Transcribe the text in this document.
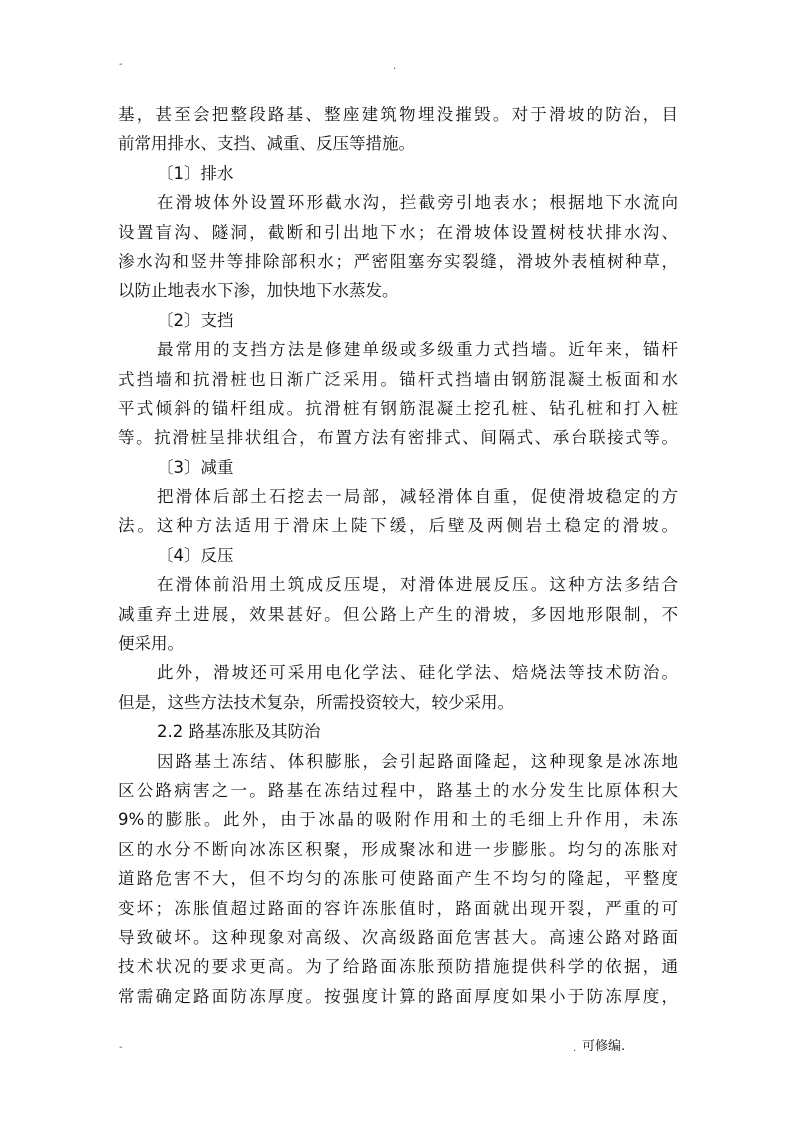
-	.
基，甚至会把整段路基、整座建筑物埋没摧毁。对于滑坡的防治，目
前常用排水、支挡、减重、反压等措施。
〔1〕排水
在滑坡体外设置环形截水沟，拦截旁引地表水；根据地下水流向
设置盲沟、隧洞，截断和引出地下水；在滑坡体设置树枝状排水沟、
渗水沟和竖井等排除部积水；严密阻塞夯实裂缝，滑坡外表植树种草，
以防止地表水下渗，加快地下水蒸发。
〔2〕支挡
最常用的支挡方法是修建单级或多级重力式挡墙。近年来，锚杆
式挡墙和抗滑桩也日渐广泛采用。锚杆式挡墙由钢筋混凝土板面和水
平式倾斜的锚杆组成。抗滑桩有钢筋混凝土挖孔桩、钻孔桩和打入桩
等。抗滑桩呈排状组合，布置方法有密排式、间隔式、承台联接式等。
〔3〕减重
把滑体后部土石挖去一局部，减轻滑体自重，促使滑坡稳定的方
法。这种方法适用于滑床上陡下缓，后壁及两侧岩土稳定的滑坡。
〔4〕反压
在滑体前沿用土筑成反压堤，对滑体进展反压。这种方法多结合
减重弃土进展，效果甚好。但公路上产生的滑坡，多因地形限制，不
便采用。
此外，滑坡还可采用电化学法、硅化学法、焙烧法等技术防治。
但是，这些方法技术复杂，所需投资较大，较少采用。
2.2 路基冻胀及其防治
因路基土冻结、体积膨胀，会引起路面隆起，这种现象是冰冻地
区公路病害之一。路基在冻结过程中，路基土的水分发生比原体积大
9%的膨胀。此外，由于冰晶的吸附作用和土的毛细上升作用，未冻
区的水分不断向冰冻区积聚，形成聚冰和进一步膨胀。均匀的冻胀对
道路危害不大，但不均匀的冻胀可使路面产生不均匀的隆起，平整度
变坏；冻胀值超过路面的容许冻胀值时，路面就出现开裂，严重的可
导致破坏。这种现象对高级、次高级路面危害甚大。高速公路对路面
技术状况的要求更高。为了给路面冻胀预防措施提供科学的依据，通
常需确定路面防冻厚度。按强度计算的路面厚度如果小于防冻厚度，
-	. 可修编.
